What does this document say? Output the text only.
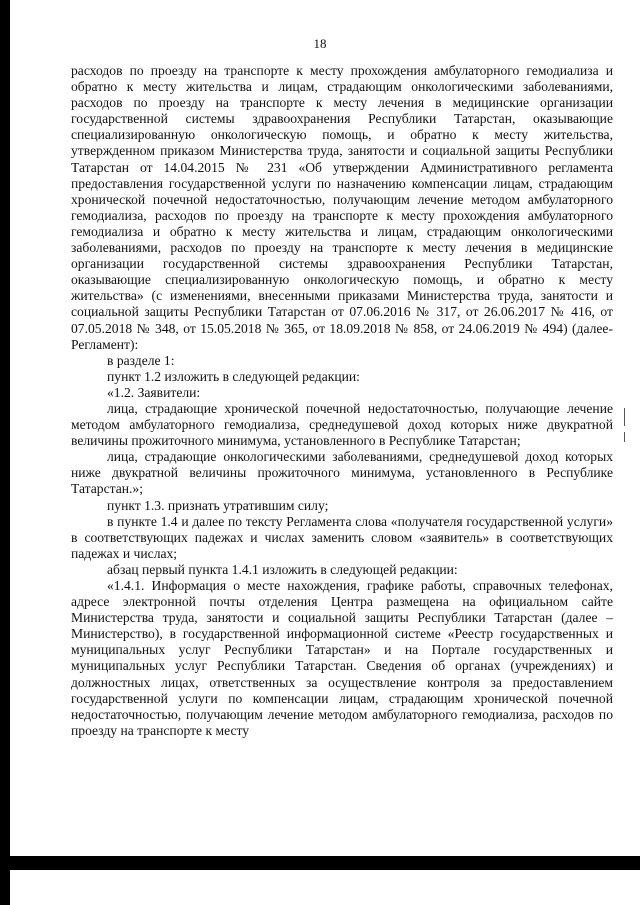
18

расходов по проезду на транспорте к месту прохождения амбулаторного гемодиализа и обратно к месту жительства и лицам, страдающим онкологическими заболеваниями, расходов по проезду на транспорте к месту лечения в медицинские организации государственной системы здравоохранения Республики Татарстан, оказывающие специализированную онкологическую помощь, и обратно к месту жительства, утвержденном приказом Министерства труда, занятости и социальной защиты Республики Татарстан от 14.04.2015 № 231 «Об утверждении Административного регламента предоставления государственной услуги по назначению компенсации лицам, страдающим хронической почечной недостаточностью, получающим лечение методом амбулаторного гемодиализа, расходов по проезду на транспорте к месту прохождения амбулаторного гемодиализа и обратно к месту жительства и лицам, страдающим онкологическими заболеваниями, расходов по проезду на транспорте к месту лечения в медицинские организации государственной системы здравоохранения Республики Татарстан, оказывающие специализированную онкологическую помощь, и обратно к месту жительства» (с изменениями, внесенными приказами Министерства труда, занятости и социальной защиты Республики Татарстан от 07.06.2016 № 317, от 26.06.2017 № 416, от 07.05.2018 № 348, от 15.05.2018 № 365, от 18.09.2018 № 858, от 24.06.2019 № 494) (далее-Регламент):

в разделе 1:

пункт 1.2 изложить в следующей редакции:

«1.2. Заявители:

лица, страдающие хронической почечной недостаточностью, получающие лечение методом амбулаторного гемодиализа, среднедушевой доход которых ниже двукратной величины прожиточного минимума, установленного в Республике Татарстан;

лица, страдающие онкологическими заболеваниями, среднедушевой доход которых ниже двукратной величины прожиточного минимума, установленного в Республике Татарстан.»;

пункт 1.3. признать утратившим силу;

в пункте 1.4 и далее по тексту Регламента слова «получателя государственной услуги» в соответствующих падежах и числах заменить словом «заявитель» в соответствующих падежах и числах;

абзац первый пункта 1.4.1 изложить в следующей редакции:

«1.4.1. Информация о месте нахождения, графике работы, справочных телефонах, адресе электронной почты отделения Центра размещена на официальном сайте Министерства труда, занятости и социальной защиты Республики Татарстан (далее – Министерство), в государственной информационной системе «Реестр государственных и муниципальных услуг Республики Татарстан» и на Портале государственных и муниципальных услуг Республики Татарстан. Сведения об органах (учреждениях) и должностных лицах, ответственных за осуществление контроля за предоставлением государственной услуги по компенсации лицам, страдающим хронической почечной недостаточностью, получающим лечение методом амбулаторного гемодиализа, расходов по проезду на транспорте к месту
